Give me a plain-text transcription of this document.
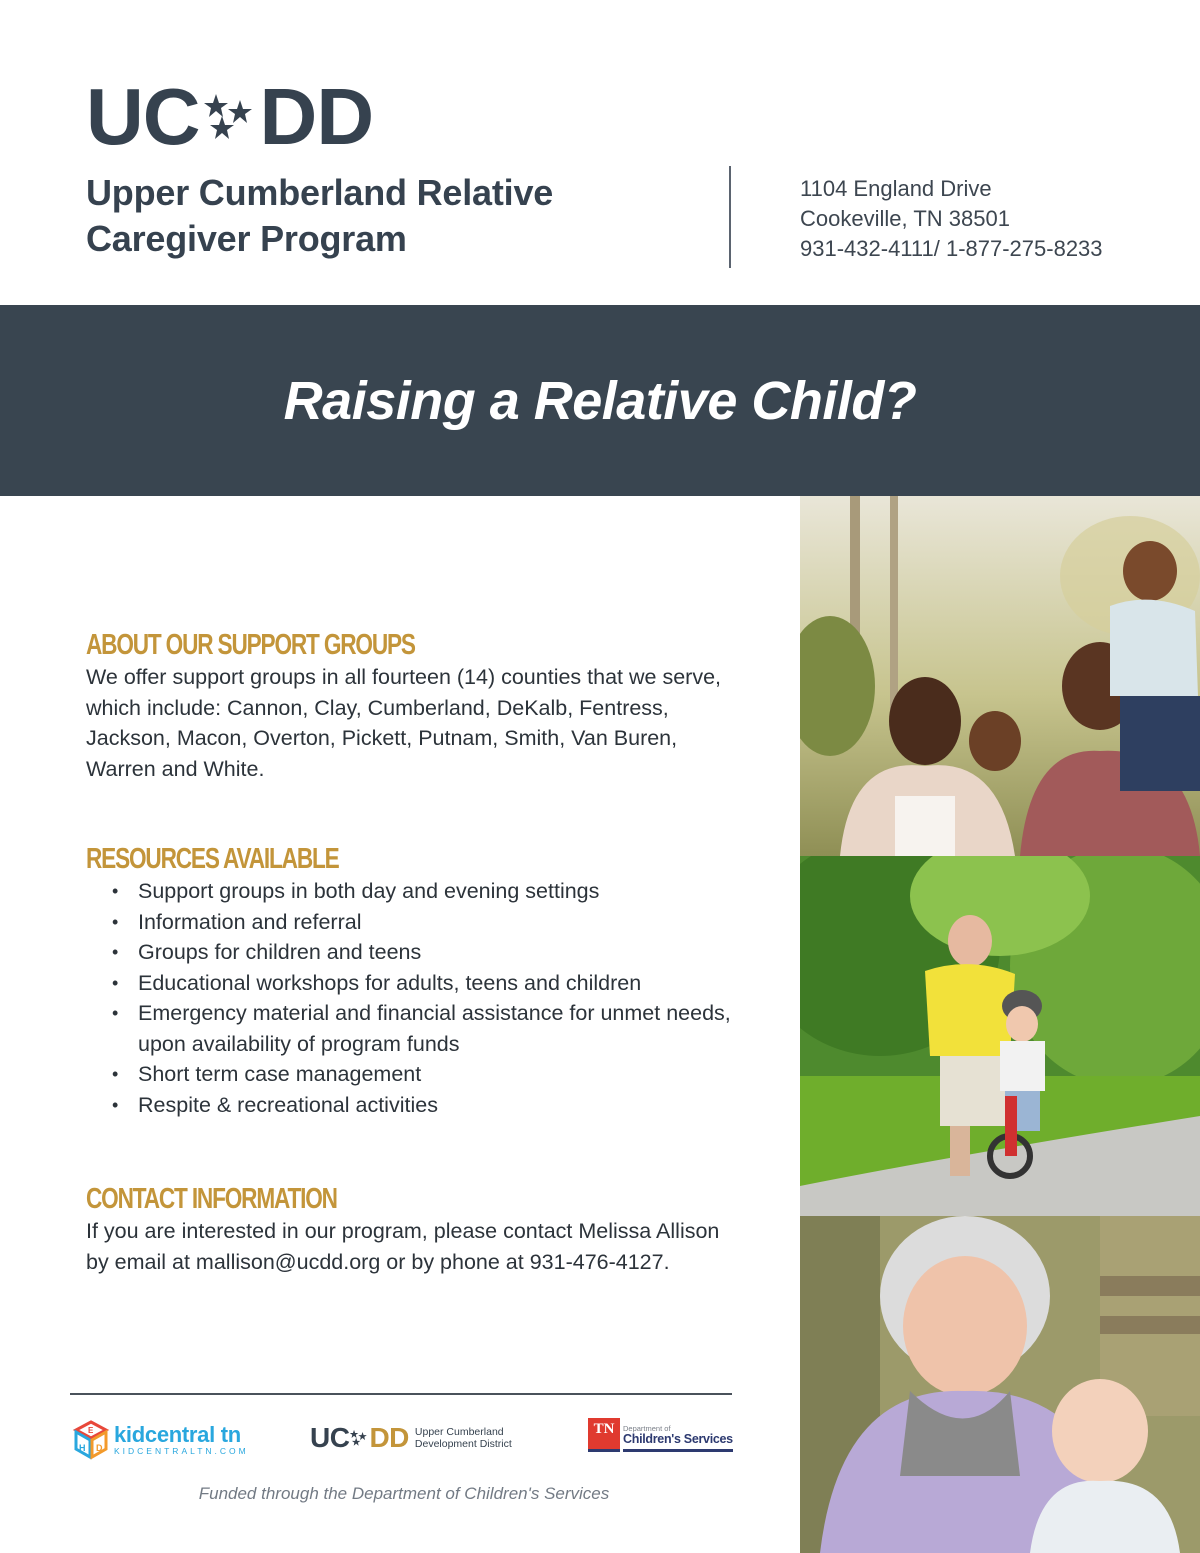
UC DD
Upper Cumberland Relative
Caregiver Program
1104 England Drive
Cookeville, TN 38501
931-432-4111/ 1-877-275-8233
Raising a Relative Child?
ABOUT OUR SUPPORT GROUPS

We offer support groups in all fourteen (14) counties that we serve, which include: Cannon, Clay, Cumberland, DeKalb, Fentress, Jackson, Macon, Overton, Pickett, Putnam, Smith, Van Buren, Warren and White.

RESOURCES AVAILABLE
• Support groups in both day and evening settings
• Information and referral
• Groups for children and teens
• Educational workshops for adults, teens and children
• Emergency material and financial assistance for unmet needs, upon availability of program funds
• Short term case management
• Respite & recreational activities
CONTACT INFORMATION

If you are interested in our program, please contact Melissa Allison by email at mallison@ucdd.org or by phone at 931-476-4127.

E
H D
kidcentral tn
KIDCENTRALTN.COM UC DD Upper Cumberland
Development District
TN	Department of
Children's Services
Funded through the Department of Children's Services
